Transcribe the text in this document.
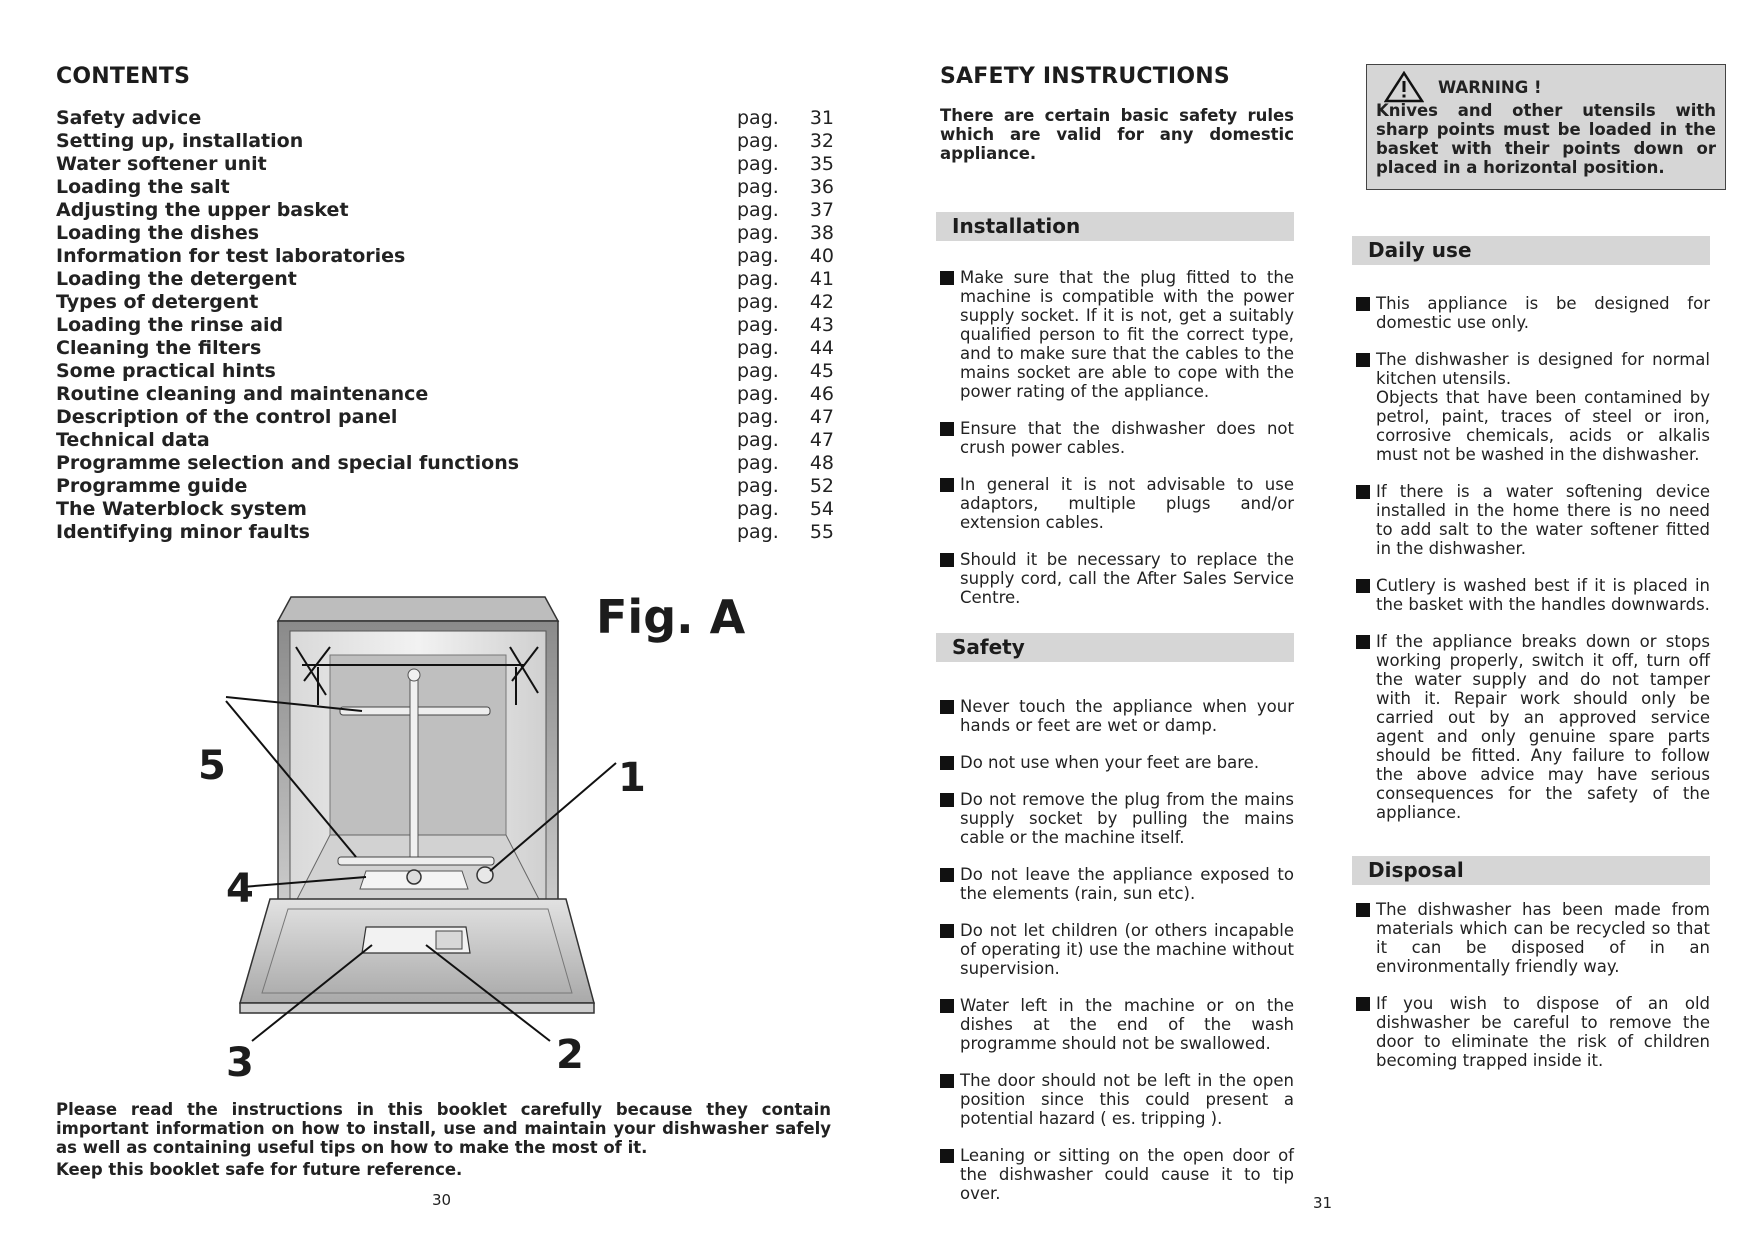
CONTENTS
Safety advice	pag.	31
Setting up, installation	pag.	32
Water softener unit	pag.	35
Loading the salt	pag.	36
Adjusting the upper basket	pag.	37
Loading the dishes	pag.	38
Information for test laboratories	pag.	40
Loading the detergent	pag.	41
Types of detergent	pag.	42
Loading the rinse aid	pag.	43
Cleaning the filters	pag.	44
Some practical hints	pag.	45
Routine cleaning and maintenance	pag.	46
Description of the control panel	pag.	47
Technical data	pag.	47
Programme selection and special functions	pag.	48
Programme guide	pag.	52
The Waterblock system	pag.	54
Identifying minor faults	pag.	55
Fig. A
1
2
3
4
5

Please read the instructions in this booklet carefully because they contain important information on how to install, use and maintain your dishwasher safely as well as containing useful tips on how to make the most of it.

Keep this booklet safe for future reference.

30
SAFETY INSTRUCTIONS

There are certain basic safety rules which are valid for any domestic appliance.

WARNING !

Knives and other utensils with sharp points must be loaded in the basket with their points down or placed in a horizontal position.

Installation
Make sure that the plug fitted to the machine is compatible with the power supply socket. If it is not, get a suitably qualified person to fit the correct type, and to make sure that the cables to the mains socket are able to cope with the power rating of the appliance.
Ensure that the dishwasher does not crush power cables.
In general it is not advisable to use adaptors, multiple plugs and/or extension cables.
Should it be necessary to replace the supply cord, call the After Sales Service Centre.
Safety
Never touch the appliance when your hands or feet are wet or damp.
Do not use when your feet are bare.
Do not remove the plug from the mains supply socket by pulling the mains cable or the machine itself.
Do not leave the appliance exposed to the elements (rain, sun etc).
Do not let children (or others incapable of operating it) use the machine without supervision.
Water left in the machine or on the dishes at the end of the wash programme should not be swallowed.
The door should not be left in the open position since this could present a potential hazard ( es. tripping ).
Leaning or sitting on the open door of the dishwasher could cause it to tip over.
Daily use
This appliance is be designed for domestic use only.
The dishwasher is designed for normal kitchen utensils.
Objects that have been contamined by petrol, paint, traces of steel or iron, corrosive chemicals, acids or alkalis must not be washed in the dishwasher.
If there is a water softening device installed in the home there is no need to add salt to the water softener fitted in the dishwasher.
Cutlery is washed best if it is placed in the basket with the handles downwards.
If the appliance breaks down or stops working properly, switch it off, turn off the water supply and do not tamper with it. Repair work should only be carried out by an approved service agent and only genuine spare parts should be fitted. Any failure to follow the above advice may have serious consequences for the safety of the appliance.
Disposal
The dishwasher has been made from materials which can be recycled so that it can be disposed of in an environmentally friendly way.
If you wish to dispose of an old dishwasher be careful to remove the door to eliminate the risk of children becoming trapped inside it.
31
